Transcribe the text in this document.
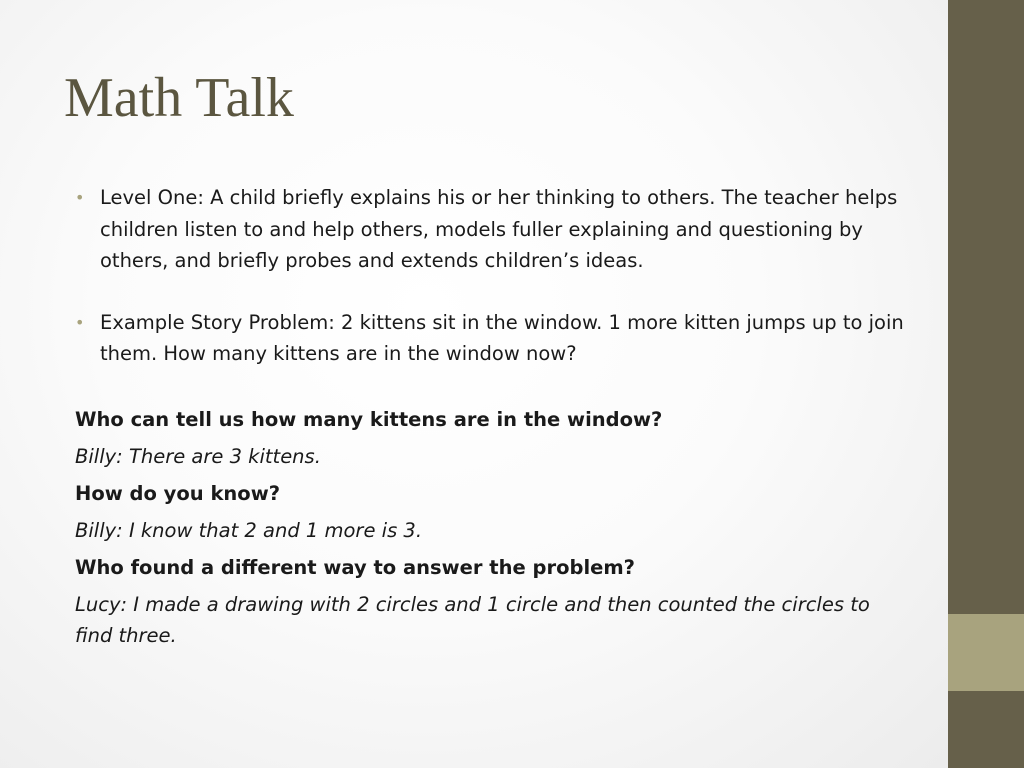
Math Talk
• Level One: A child briefly explains his or her thinking to others. The teacher helps children listen to and help others, models fuller explaining and questioning by others, and briefly probes and extends children’s ideas.
• Example Story Problem: 2 kittens sit in the window. 1 more kitten jumps up to join them. How many kittens are in the window now?
Who can tell us how many kittens are in the window?
Billy: There are 3 kittens.
How do you know?
Billy: I know that 2 and 1 more is 3.
Who found a different way to answer the problem?
Lucy: I made a drawing with 2 circles and 1 circle and then counted the circles to find three.
